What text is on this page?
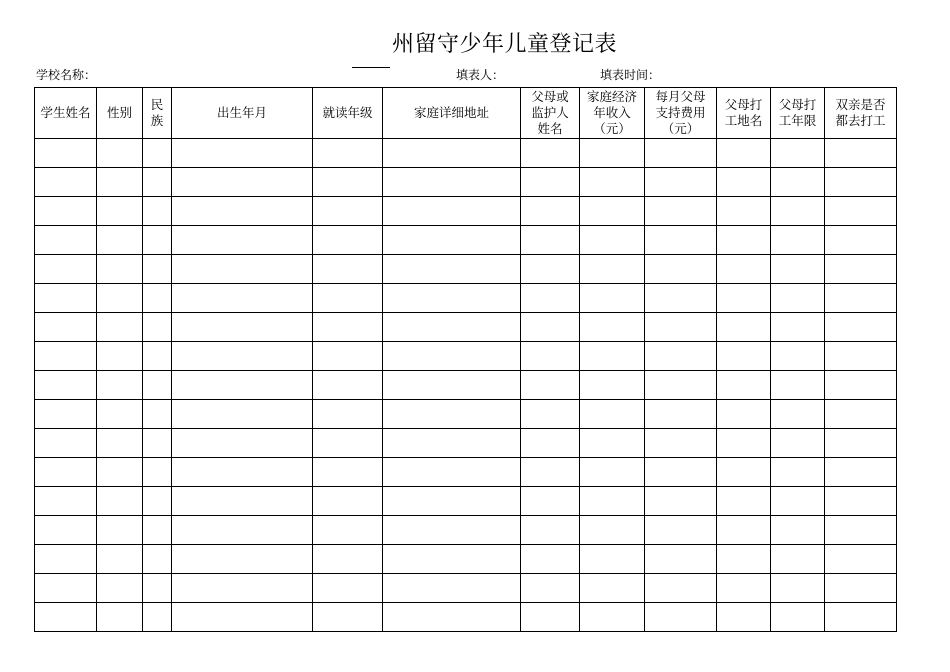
州留守少年儿童登记表
学校名称：	填表人：	填表时间：
学生姓名	性别	民族	出生年月	就读年级	家庭详细地址	父母或监护人姓名	家庭经济年收入（元）	每月父母支持费用（元）	父母打工地名	父母打工年限	双亲是否都去打工
